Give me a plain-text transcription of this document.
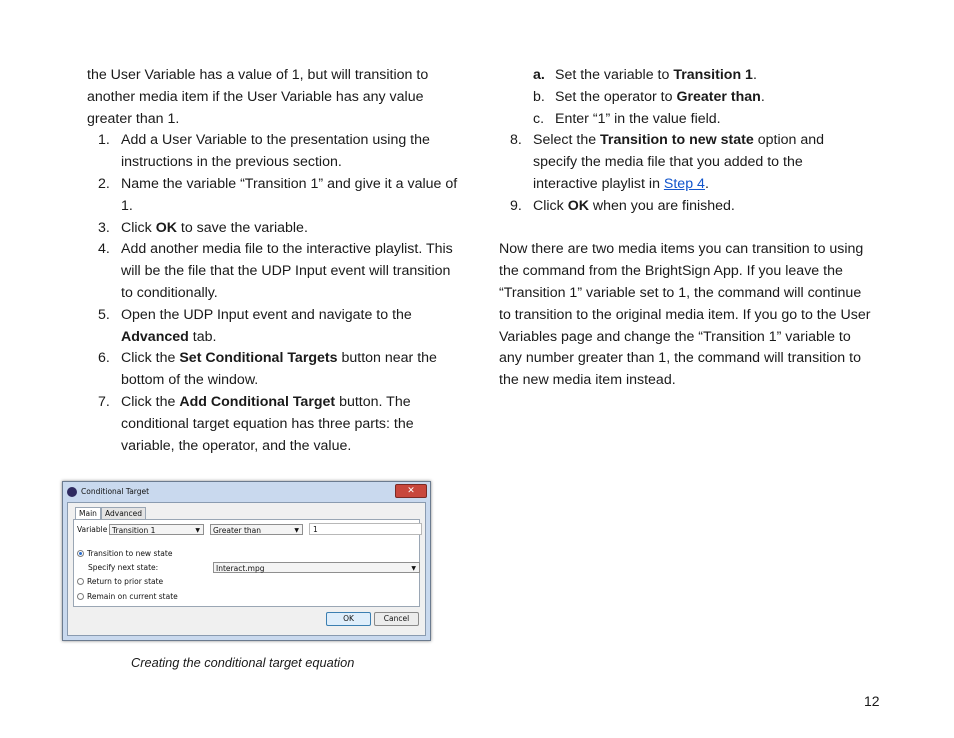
the User Variable has a value of 1, but will transition to another media item if the User Variable has any value greater than 1.

1. Add a User Variable to the presentation using the instructions in the previous section.
2. Name the variable “Transition 1” and give it a value of 1.
3. Click OK to save the variable.
4. Add another media file to the interactive playlist. This will be the file that the UDP Input event will transition to conditionally.
5. Open the UDP Input event and navigate to the Advanced tab.
6. Click the Set Conditional Targets button near the bottom of the window.
7. Click the Add Conditional Target button. The conditional target equation has three parts: the variable, the operator, and the value.
a. Set the variable to Transition 1.
b. Set the operator to Greater than.
c. Enter “1” in the value field.
8. Select the Transition to new state option and specify the media file that you added to the interactive playlist in Step 4.
9. Click OK when you are finished.

Now there are two media items you can transition to using the command from the BrightSign App. If you leave the “Transition 1” variable set to 1, the command will continue to transition to the original media item. If you go to the User Variables page and change the “Transition 1” variable to any number greater than 1, the command will transition to the new media item instead.

Conditional Target	✕
Main	Advanced
Variable Transition 1	▼	Greater than	▼	1
Transition to new state
Specify next state:	Interact.mpg	▼
Return to prior state
Remain on current state
OK	Cancel
Creating the conditional target equation
12
